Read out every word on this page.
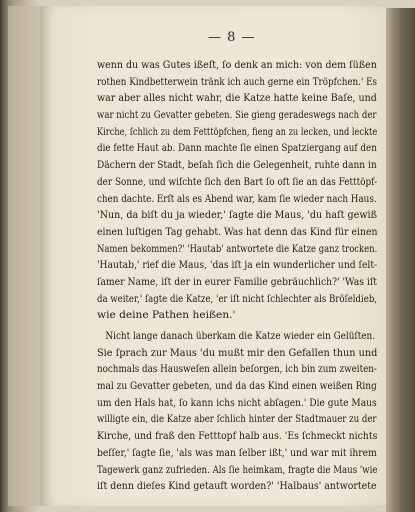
— 8 —
wenn du was Gutes ißeſt, ſo denk an mich: von dem ſüßen
rothen Kindbetterwein tränk ich auch gerne ein Tröpfchen.' Es
war aber alles nicht wahr, die Katze hatte keine Baſe, und
war nicht zu Gevatter gebeten. Sie gieng geradeswegs nach der
Kirche, ſchlich zu dem Fetttöpfchen, fieng an zu lecken, und leckte
die fette Haut ab. Dann machte ſie einen Spatziergang auf den
Dächern der Stadt, beſah ſich die Gelegenheit, ruhte dann in
der Sonne, und wiſchte ſich den Bart ſo oft ſie an das Fetttöpf-
chen dachte. Erſt als es Abend war, kam ſie wieder nach Haus.
'Nun, da biſt du ja wieder,' ſagte die Maus, 'du haſt gewiß
einen luſtigen Tag gehabt. Was hat denn das Kind für einen
Namen bekommen?' 'Hautab' antwortete die Katze ganz trocken.
'Hautab,' rief die Maus, 'das iſt ja ein wunderlicher und ſelt-
ſamer Name, iſt der in eurer Familie gebräuchlich?' 'Was iſt
da weiter,' ſagte die Katze, 'er iſt nicht ſchlechter als Bröſeldieb,
wie deine Pathen heißen.'
Nicht lange danach überkam die Katze wieder ein Gelüſten.
Sie ſprach zur Maus 'du mußt mir den Gefallen thun und
nochmals das Hausweſen allein beſorgen, ich bin zum zweiten-
mal zu Gevatter gebeten, und da das Kind einen weißen Ring
um den Hals hat, ſo kann ichs nicht abſagen.' Die gute Maus
willigte ein, die Katze aber ſchlich hinter der Stadtmauer zu der
Kirche, und fraß den Fetttopf halb aus. 'Es ſchmeckt nichts
beſſer,' ſagte ſie, 'als was man ſelber ißt,' und war mit ihrem
Tagewerk ganz zufrieden. Als ſie heimkam, fragte die Maus 'wie
iſt denn dieſes Kind getauft worden?' 'Halbaus' antwortete
